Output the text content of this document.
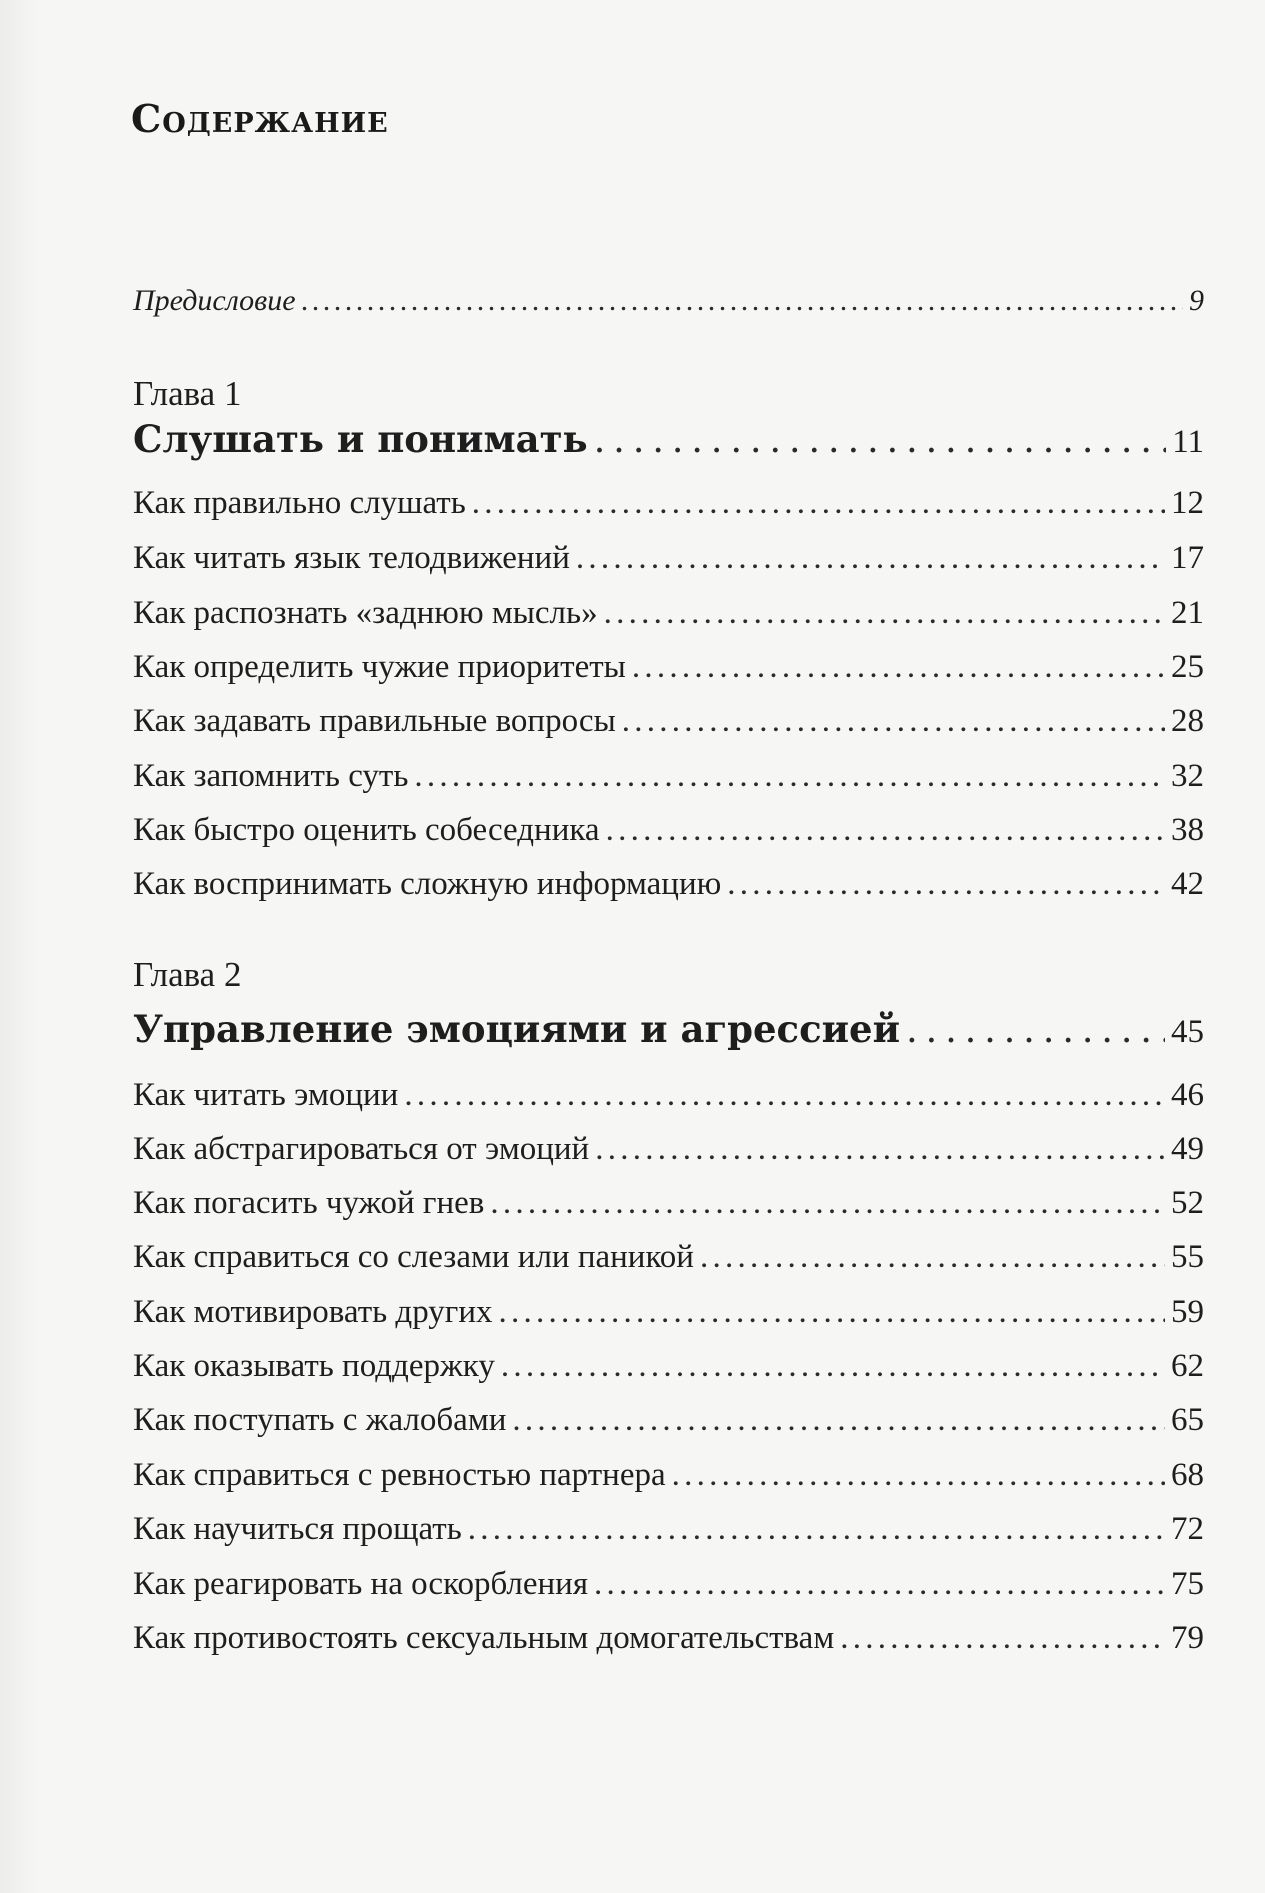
Содержание
Предисловие . . .	9
Глава 1
Слушать и понимать . . .	11
Как правильно слушать . . .	12
Как читать язык телодвижений . . .	17
Как распознать «заднюю мысль» . . .	21
Как определить чужие приоритеты . . .	25
Как задавать правильные вопросы . . .	28
Как запомнить суть . . .	32
Как быстро оценить собеседника . . .	38
Как воспринимать сложную информацию . . .	42
Глава 2
Управление эмоциями и агрессией . . .	45
Как читать эмоции . . .	46
Как абстрагироваться от эмоций . . .	49
Как погасить чужой гнев . . .	52
Как справиться со слезами или паникой . . .	55
Как мотивировать других . . .	59
Как оказывать поддержку . . .	62
Как поступать с жалобами . . .	65
Как справиться с ревностью партнера . . .	68
Как научиться прощать . . .	72
Как реагировать на оскорбления . . .	75
Как противостоять сексуальным домогательствам . . .	79
